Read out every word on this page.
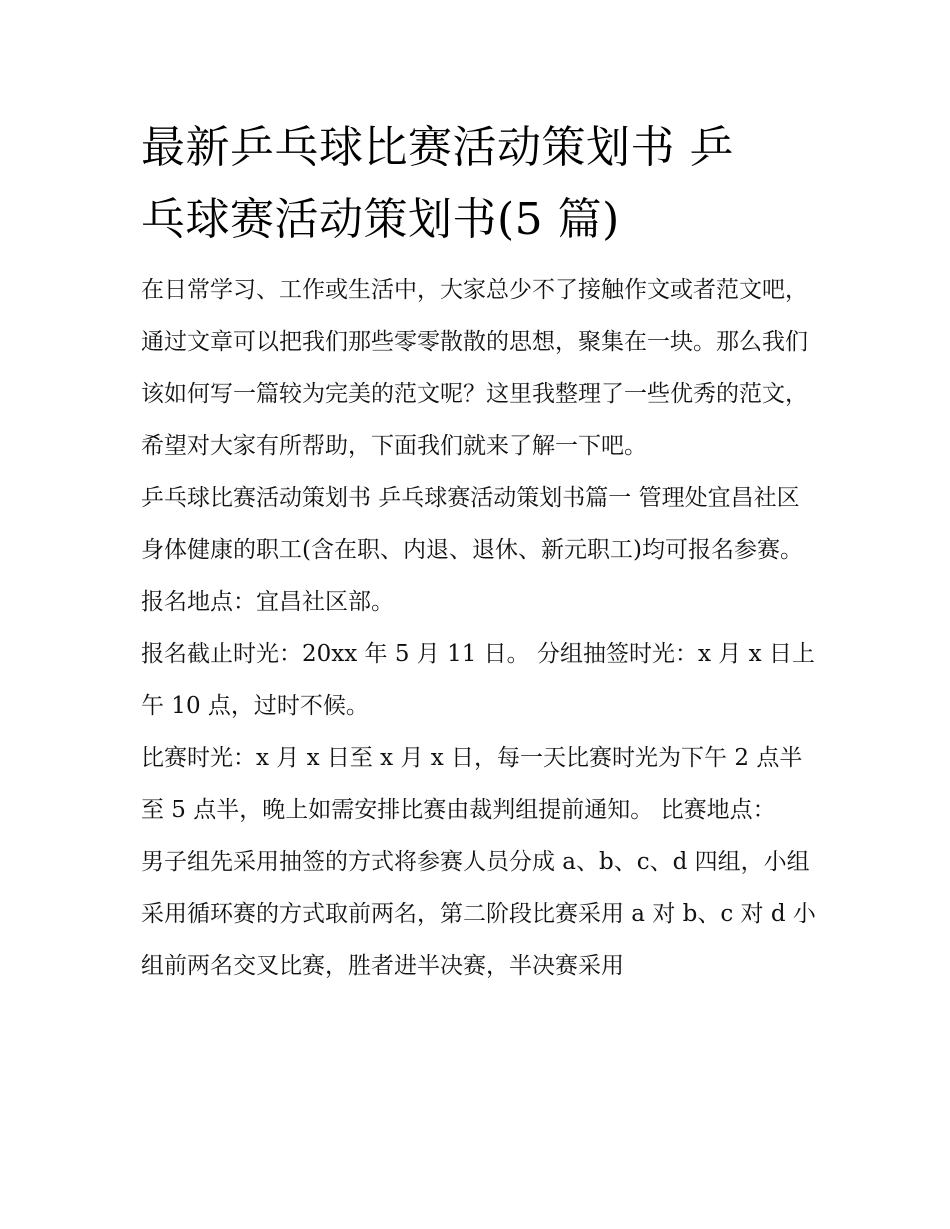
最新乒乓球比赛活动策划书 乒
乓球赛活动策划书(5 篇)

在日常学习、工作或生活中，大家总少不了接触作文或者范文吧，通过文章可以把我们那些零零散散的思想，聚集在一块。那么我们该如何写一篇较为完美的范文呢？这里我整理了一些优秀的范文，希望对大家有所帮助，下面我们就来了解一下吧。

乒乓球比赛活动策划书 乒乓球赛活动策划书篇一 管理处宜昌社区身体健康的职工(含在职、内退、退休、新元职工)均可报名参赛。 报名地点：宜昌社区部。

报名截止时光：20xx 年 5 月 11 日。 分组抽签时光：x 月 x 日上午 10 点，过时不候。

比赛时光：x 月 x 日至 x 月 x 日，每一天比赛时光为下午 2 点半至 5 点半，晚上如需安排比赛由裁判组提前通知。 比赛地点：

男子组先采用抽签的方式将参赛人员分成 a、b、c、d 四组，小组采用循环赛的方式取前两名，第二阶段比赛采用 a 对 b、c 对 d 小组前两名交叉比赛，胜者进半决赛，半决赛采用
